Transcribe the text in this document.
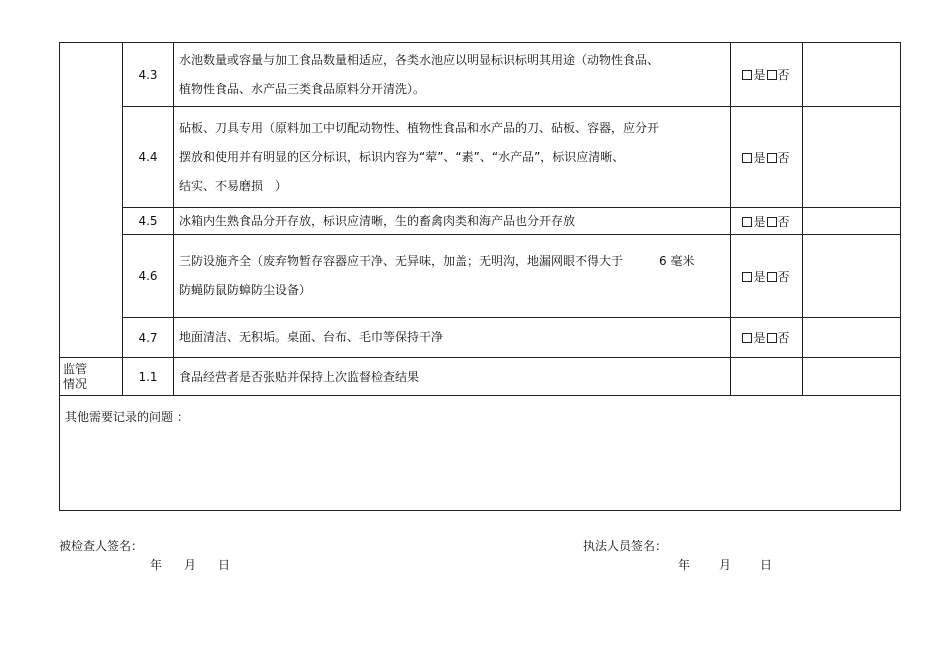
	4.3	水池数量或容量与加工食品数量相适应，各类水池应以明显标识标明其用途（动物性食品、
植物性食品、水产品三类食品原料分开清洗）。	是 否	
	4.4	砧板、刀具专用（原料加工中切配动物性、植物性食品和水产品的刀、砧板、容器，应分开
摆放和使用并有明显的区分标识，标识内容为“荤”、“素”、“水产品”，标识应清晰、
结实、不易磨损　）	是 否	
	4.5	冰箱内生熟食品分开存放，标识应清晰，生的畜禽肉类和海产品也分开存放	是 否	
	4.6	三防设施齐全（废弃物暂存容器应干净、无异味，加盖；无明沟，地漏网眼不得大于　　　6 毫米
防蝇防鼠防蟑防尘设备）	是 否	
	4.7	地面清洁、无积垢。桌面、台布、毛巾等保持干净	是 否	

监管
情况	1.1	食品经营者是否张贴并保持上次监督检查结果		
其他需要记录的问题 ：				
被检查人签名：
年 月 日
执法人员签名：
年 月 日
